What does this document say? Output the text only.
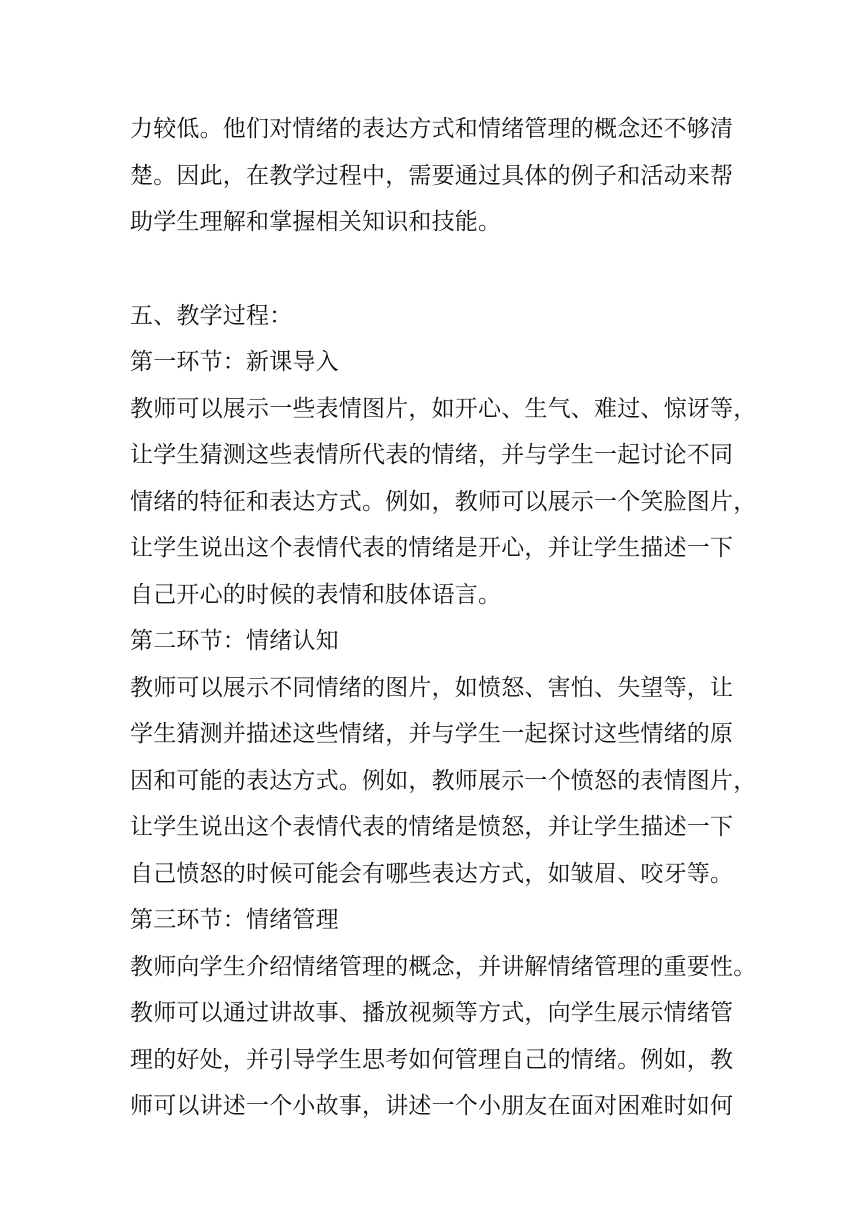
力较低。他们对情绪的表达方式和情绪管理的概念还不够清
楚。因此，在教学过程中，需要通过具体的例子和活动来帮
助学生理解和掌握相关知识和技能。
五、教学过程：
第一环节：新课导入
教师可以展示一些表情图片，如开心、生气、难过、惊讶等，
让学生猜测这些表情所代表的情绪，并与学生一起讨论不同
情绪的特征和表达方式。例如，教师可以展示一个笑脸图片，
让学生说出这个表情代表的情绪是开心，并让学生描述一下
自己开心的时候的表情和肢体语言。
第二环节：情绪认知
教师可以展示不同情绪的图片，如愤怒、害怕、失望等，让
学生猜测并描述这些情绪，并与学生一起探讨这些情绪的原
因和可能的表达方式。例如，教师展示一个愤怒的表情图片，
让学生说出这个表情代表的情绪是愤怒，并让学生描述一下
自己愤怒的时候可能会有哪些表达方式，如皱眉、咬牙等。
第三环节：情绪管理
教师向学生介绍情绪管理的概念，并讲解情绪管理的重要性。
教师可以通过讲故事、播放视频等方式，向学生展示情绪管
理的好处，并引导学生思考如何管理自己的情绪。例如，教
师可以讲述一个小故事，讲述一个小朋友在面对困难时如何
